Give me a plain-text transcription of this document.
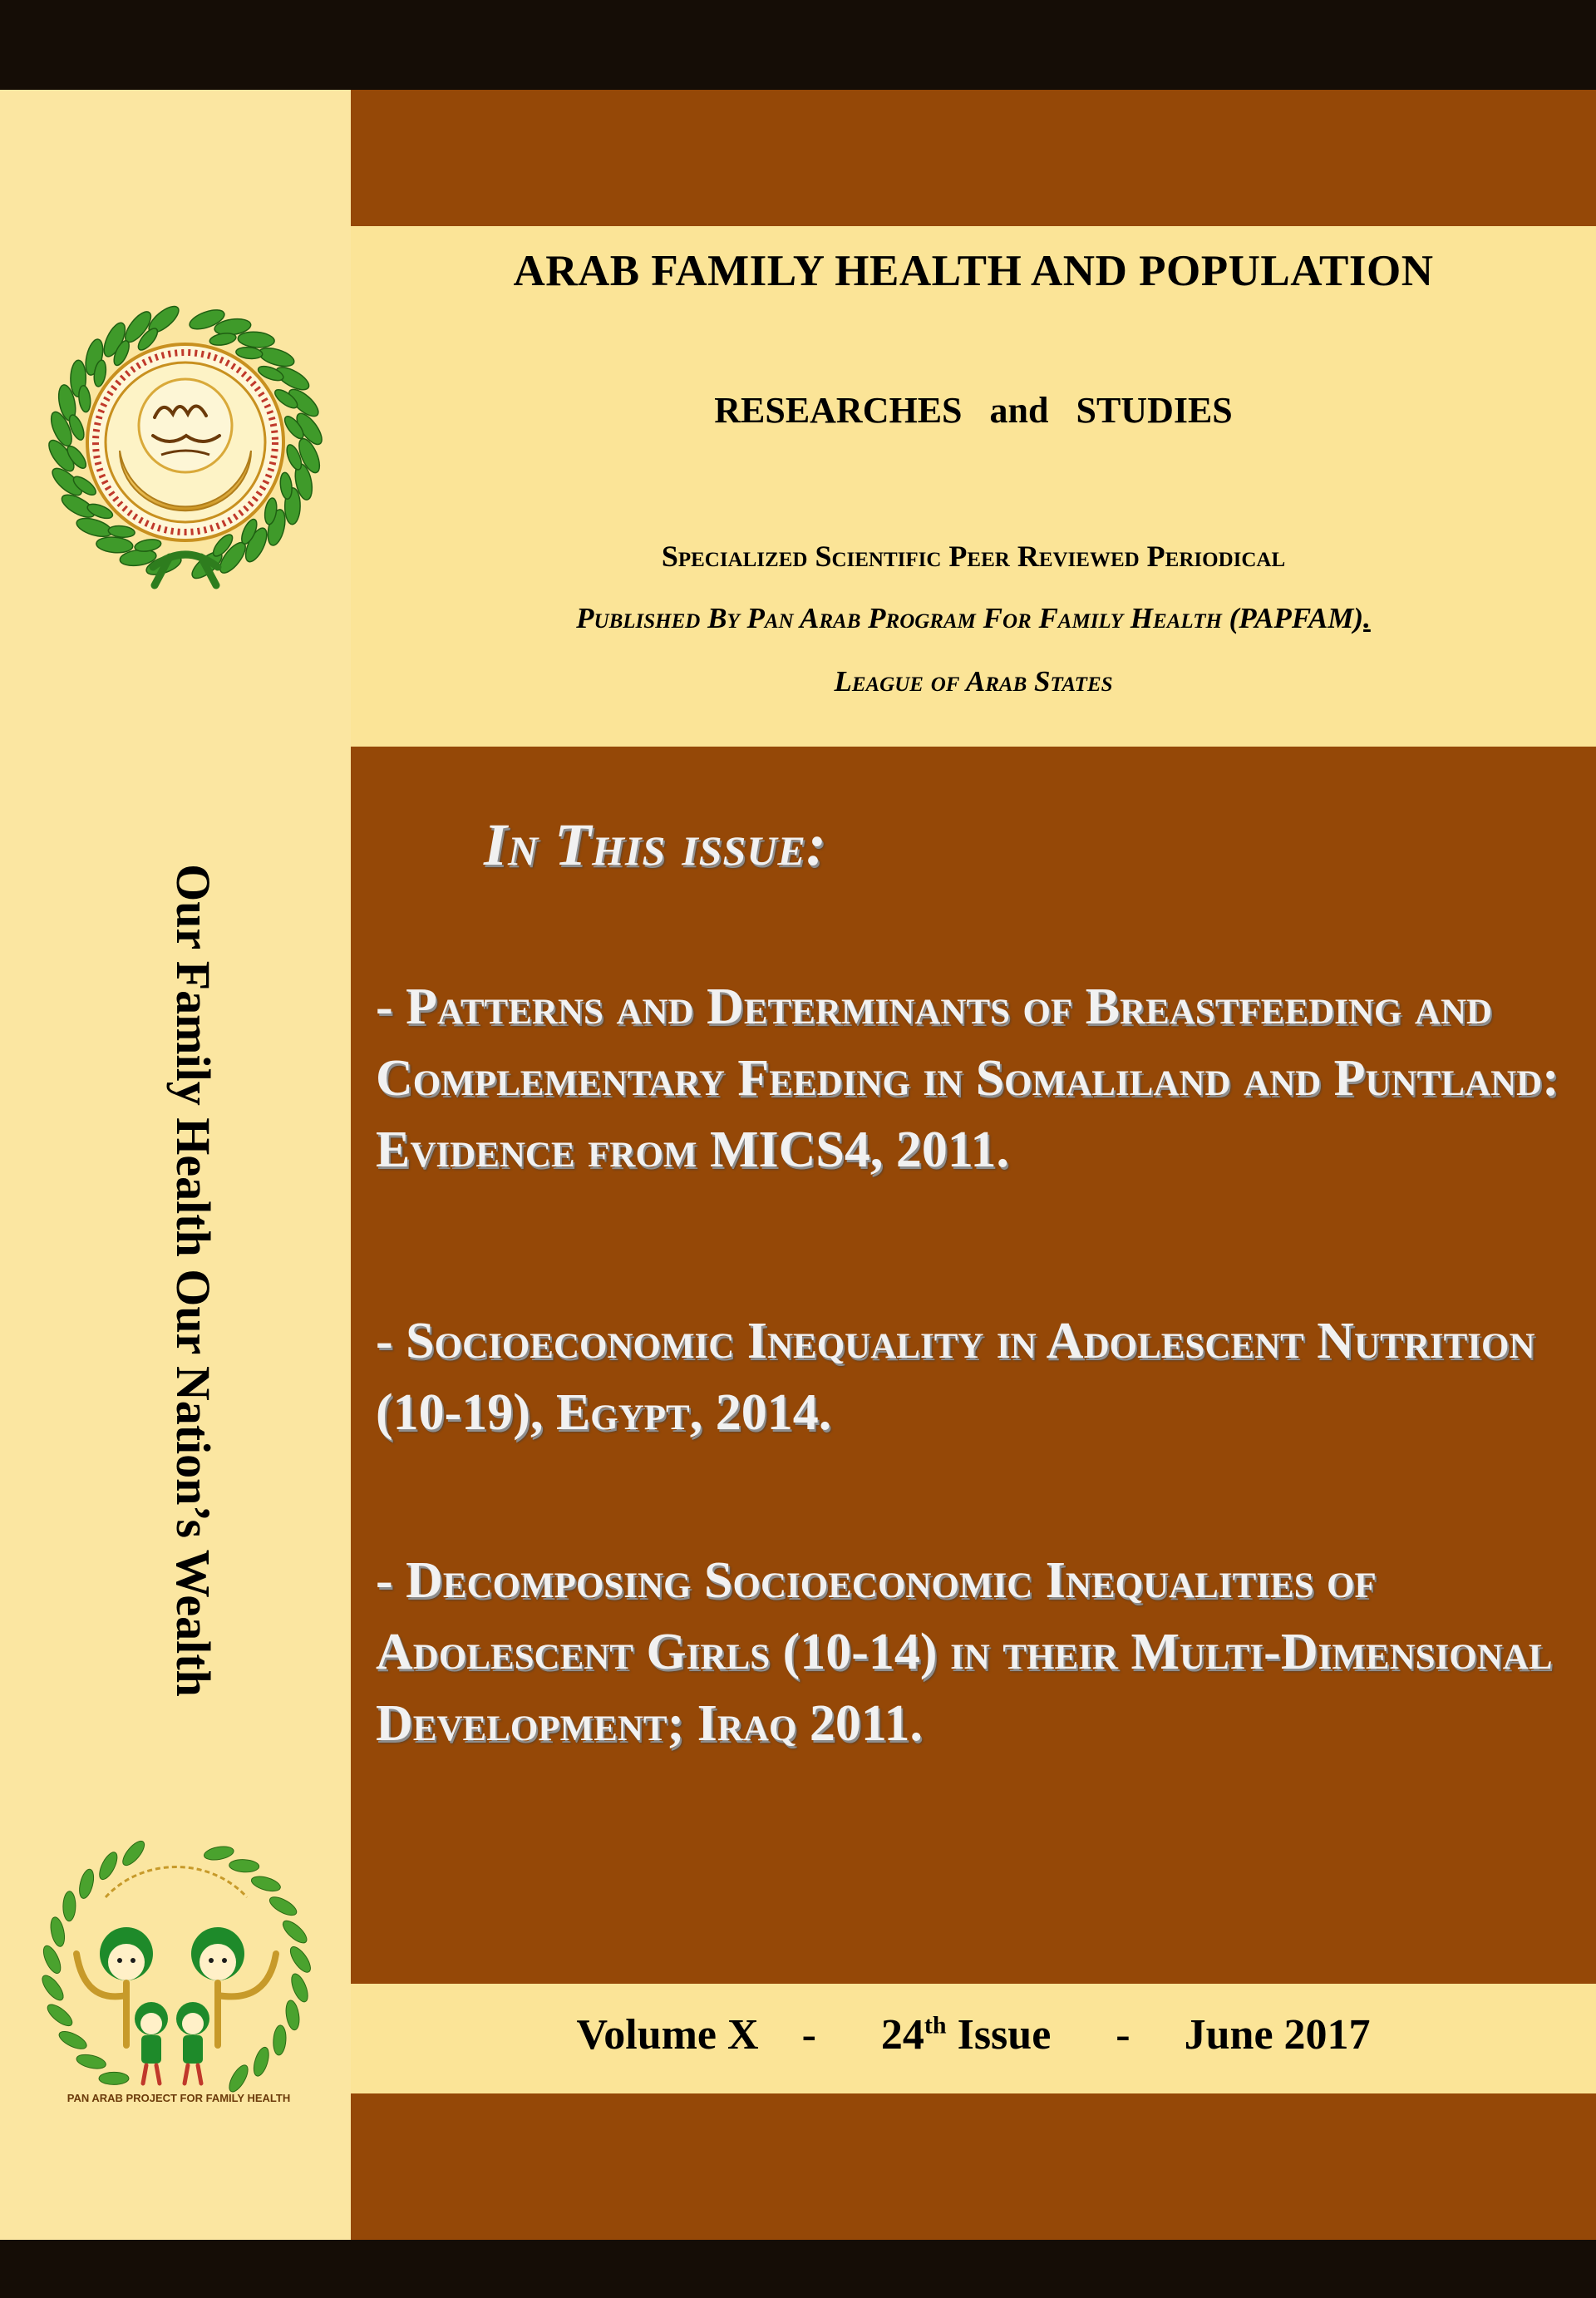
ARAB FAMILY HEALTH AND POPULATION
RESEARCHES   and   STUDIES
Specialized Scientific Peer Reviewed Periodical
Published By Pan Arab Program For Family Health (PAPFAM).
League of Arab States
In This issue:
- Patterns and Determinants of Breastfeeding and Complementary Feeding in Somaliland and Puntland: Evidence from MICS4, 2011.
- Socioeconomic Inequality in Adolescent Nutrition (10-19), Egypt, 2014.
- Decomposing Socioeconomic Inequalities of Adolescent Girls (10-14) in their Multi-Dimensional Development; Iraq 2011.
Volume X    -      24th Issue      -     June 2017
Our Family Health Our Nation’s Wealth
PAN ARAB PROJECT FOR FAMILY HEALTH
